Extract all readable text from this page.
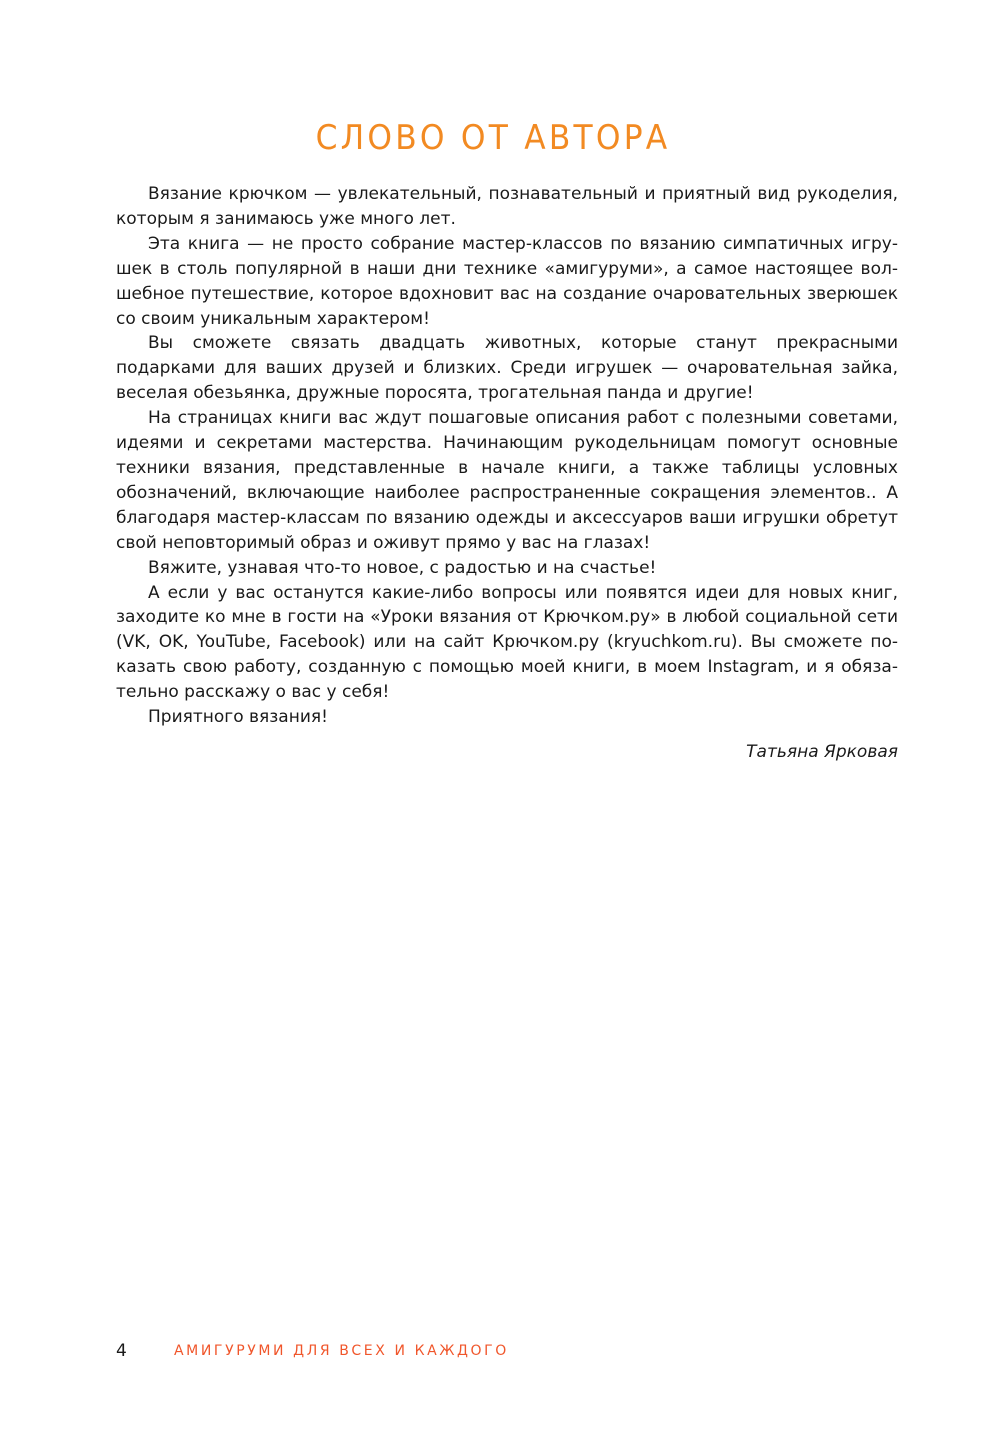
СЛОВО ОТ АВТОРА

Вязание крючком — увлекательный, познавательный и приятный вид рукоделия, которым я занимаюсь уже много лет.

Эта книга — не просто собрание мастер-классов по вязанию симпатичных игрушек в столь популярной в наши дни технике «амигуруми», а самое настоящее волшебное путешествие, которое вдохновит вас на создание очаровательных зверюшек со своим уникальным характером!

Вы сможете связать двадцать животных, которые станут прекрасными подарками для ваших друзей и близких. Среди игрушек — очаровательная зайка, веселая обезьянка, дружные поросята, трогательная панда и другие!

На страницах книги вас ждут пошаговые описания работ с полезными советами, идеями и секретами мастерства. Начинающим рукодельницам помогут основные техники вязания, представленные в начале книги, а также таблицы условных обозначений, включающие наиболее распространенные сокращения элементов.. А благодаря мастер-классам по вязанию одежды и аксессуаров ваши игрушки обретут свой неповторимый образ и оживут прямо у вас на глазах!

Вяжите, узнавая что-то новое, с радостью и на счастье!

А если у вас останутся какие-либо вопросы или появятся идеи для новых книг, заходите ко мне в гости на «Уроки вязания от Крючком.ру» в любой социальной сети (VK, OK, YouTube, Facebook) или на сайт Крючком.ру (kryuchkom.ru). Вы сможете показать свою работу, созданную с помощью моей книги, в моем Instagram, и я обязательно расскажу о вас у себя!

Приятного вязания!

Татьяна Ярковая

4	АМИГУРУМИ ДЛЯ ВСЕХ И КАЖДОГО
